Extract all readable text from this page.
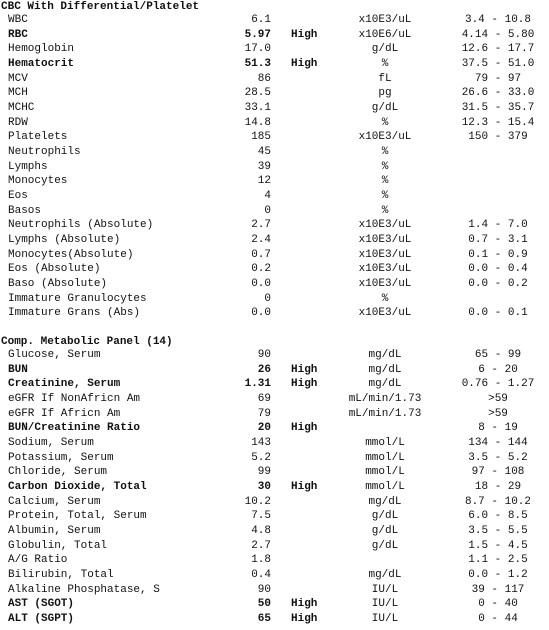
CBC With Differential/Platelet
WBC	6.1	x10E3/uL	3.4 - 10.8
RBC	5.97 High	x10E6/uL	4.14 - 5.80
Hemoglobin	17.0	g/dL	12.6 - 17.7
Hematocrit	51.3 High	%	37.5 - 51.0
MCV	86	fL	79 - 97
MCH	28.5	pg	26.6 - 33.0
MCHC	33.1	g/dL	31.5 - 35.7
RDW	14.8	%	12.3 - 15.4
Platelets	185	x10E3/uL	150 - 379
Neutrophils	45	%
Lymphs	39	%
Monocytes	12	%
Eos	4	%
Basos	0	%
Neutrophils (Absolute)	2.7	x10E3/uL	1.4 - 7.0
Lymphs (Absolute)	2.4	x10E3/uL	0.7 - 3.1
Monocytes(Absolute)	0.7	x10E3/uL	0.1 - 0.9
Eos (Absolute)	0.2	x10E3/uL	0.0 - 0.4
Baso (Absolute)	0.0	x10E3/uL	0.0 - 0.2
Immature Granulocytes	0	%
Immature Grans (Abs)	0.0	x10E3/uL	0.0 - 0.1
Comp. Metabolic Panel (14)
Glucose, Serum	90	mg/dL	65 - 99
BUN	26 High	mg/dL	6 - 20
Creatinine, Serum	1.31 High	mg/dL	0.76 - 1.27
eGFR If NonAfricn Am	69	mL/min/1.73	>59
eGFR If Africn Am	79	mL/min/1.73	>59
BUN/Creatinine Ratio	20 High	8 - 19
Sodium, Serum	143	mmol/L	134 - 144
Potassium, Serum	5.2	mmol/L	3.5 - 5.2
Chloride, Serum	99	mmol/L	97 - 108
Carbon Dioxide, Total	30 High	mmol/L	18 - 29
Calcium, Serum	10.2	mg/dL	8.7 - 10.2
Protein, Total, Serum	7.5	g/dL	6.0 - 8.5
Albumin, Serum	4.8	g/dL	3.5 - 5.5
Globulin, Total	2.7	g/dL	1.5 - 4.5
A/G Ratio	1.8	1.1 - 2.5
Bilirubin, Total	0.4	mg/dL	0.0 - 1.2
Alkaline Phosphatase, S	90	IU/L	39 - 117
AST (SGOT)	50 High	IU/L	0 - 40
ALT (SGPT)	65 High	IU/L	0 - 44
